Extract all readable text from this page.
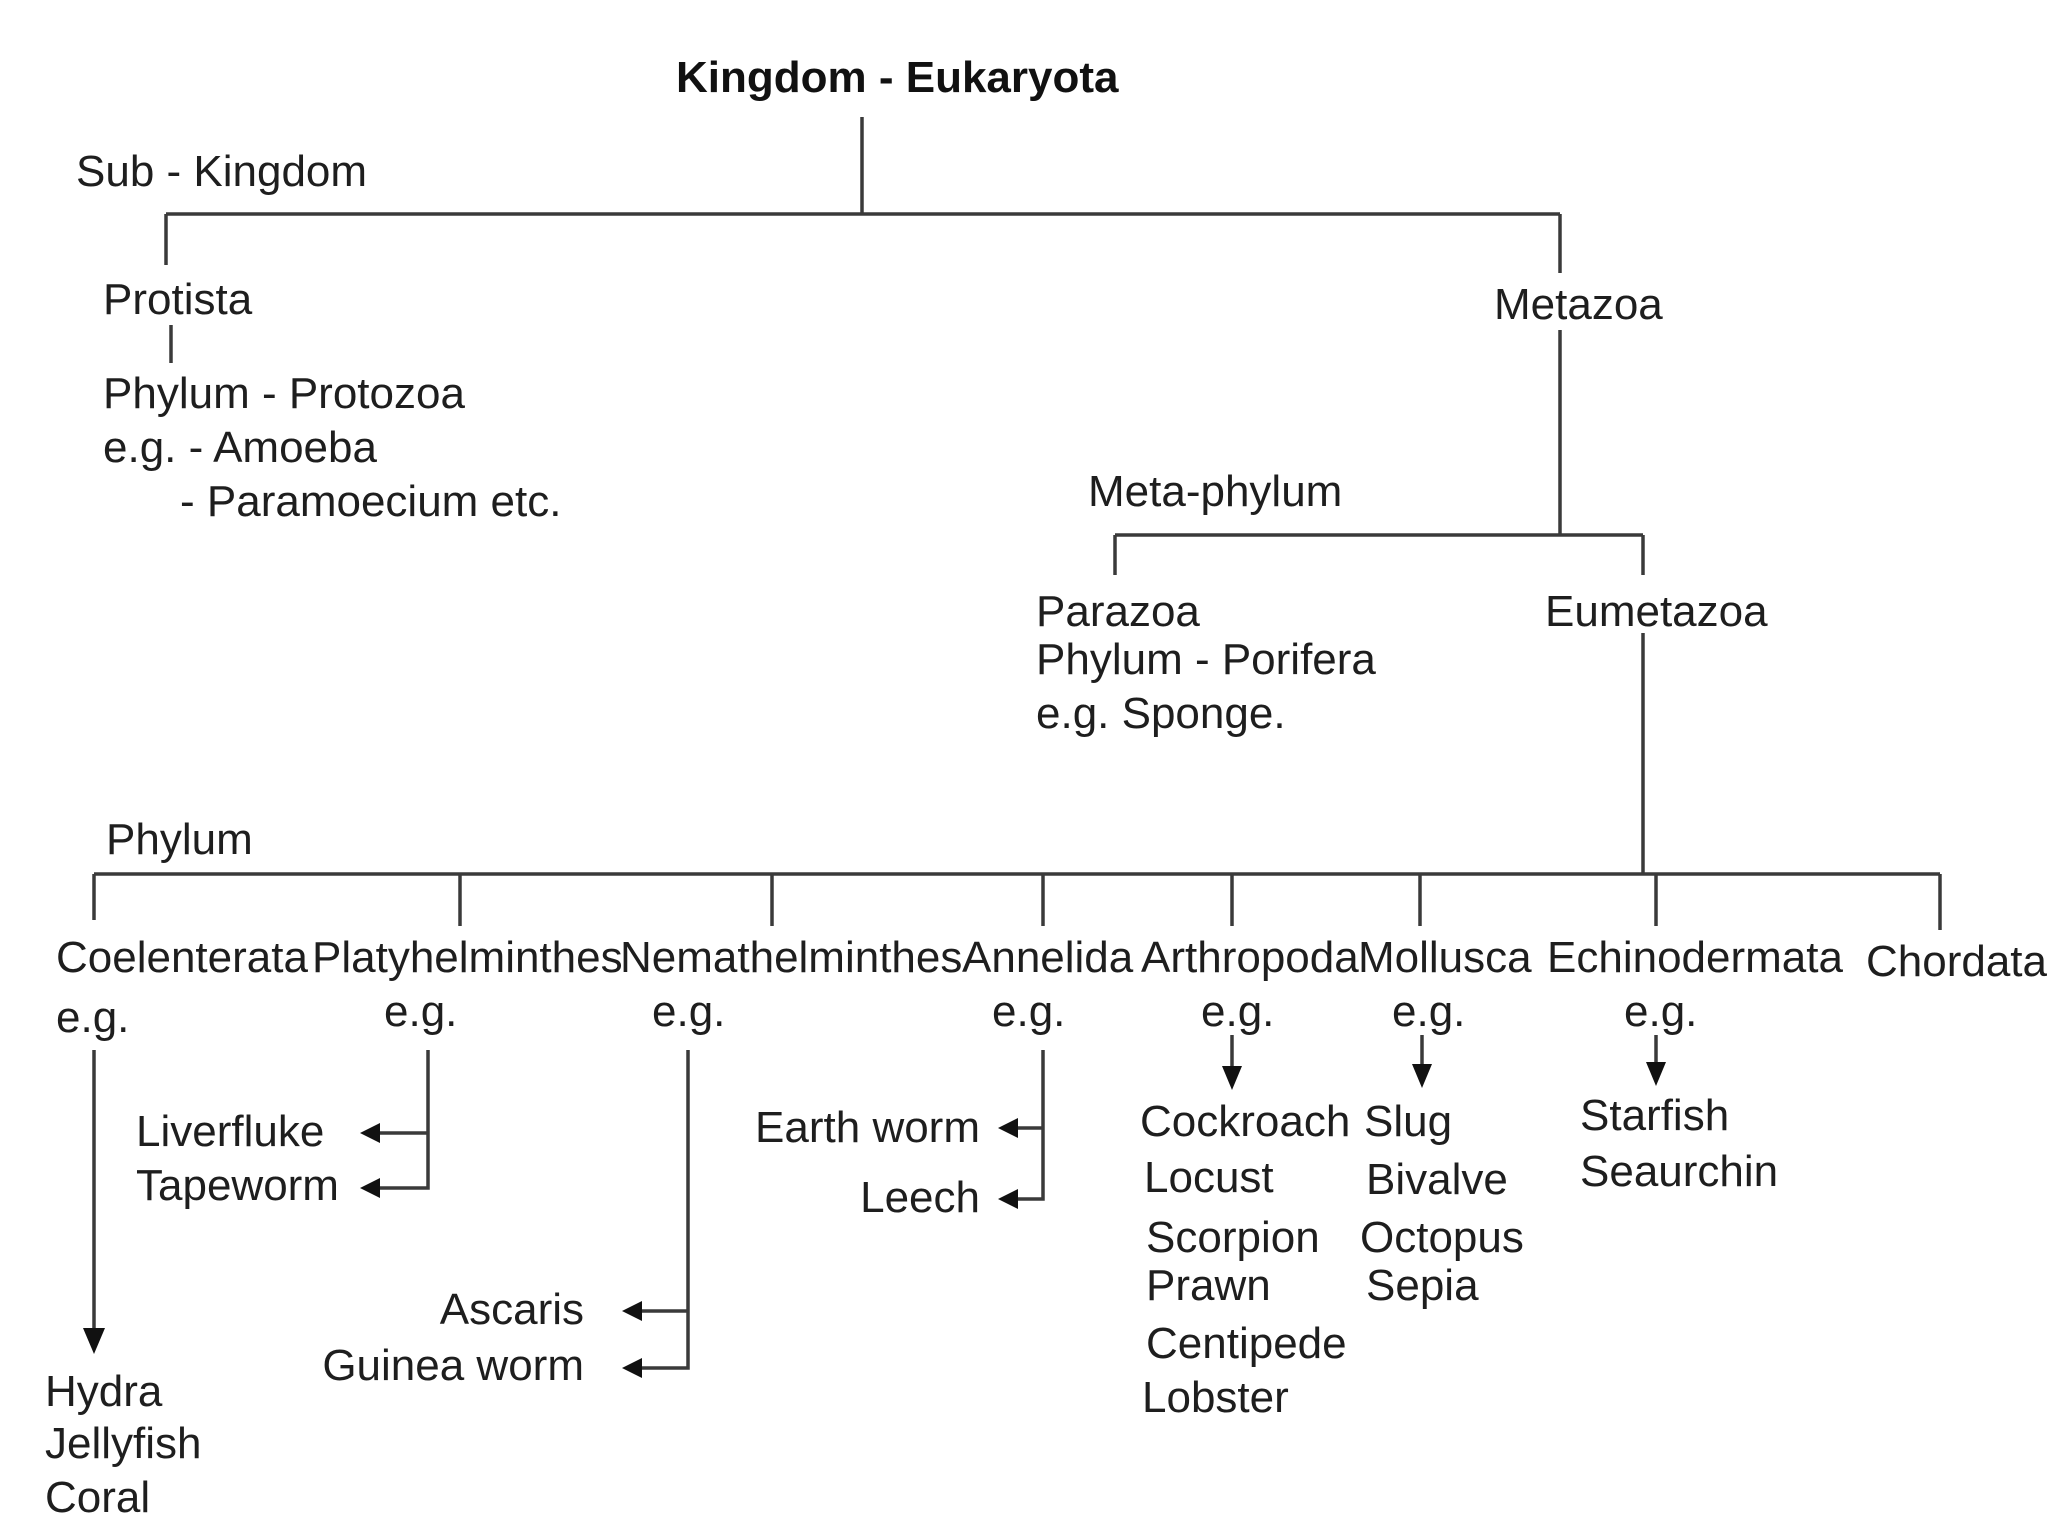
Kingdom - Eukaryota
Sub - Kingdom
Protista
Phylum - Protozoa
e.g. - Amoeba
- Paramoecium etc.
Metazoa
Meta-phylum
Parazoa
Phylum - Porifera
e.g. Sponge.
Eumetazoa
Phylum
Coelenterata Platyhelminthes
Nemathelminthes Annelida Arthropoda Mollusca Echinodermata Chordata
e.g.	e.g.	e.g.	e.g.	e.g.	e.g.	e.g.
Hydra
Jellyfish
Coral
Liverfluke
Tapeworm
Ascaris
Guinea worm
Earth worm
Leech
Cockroach
Locust
Scorpion
Prawn
Centipede
Lobster
Slug
Bivalve
Octopus
Sepia
Starfish
Seaurchin
